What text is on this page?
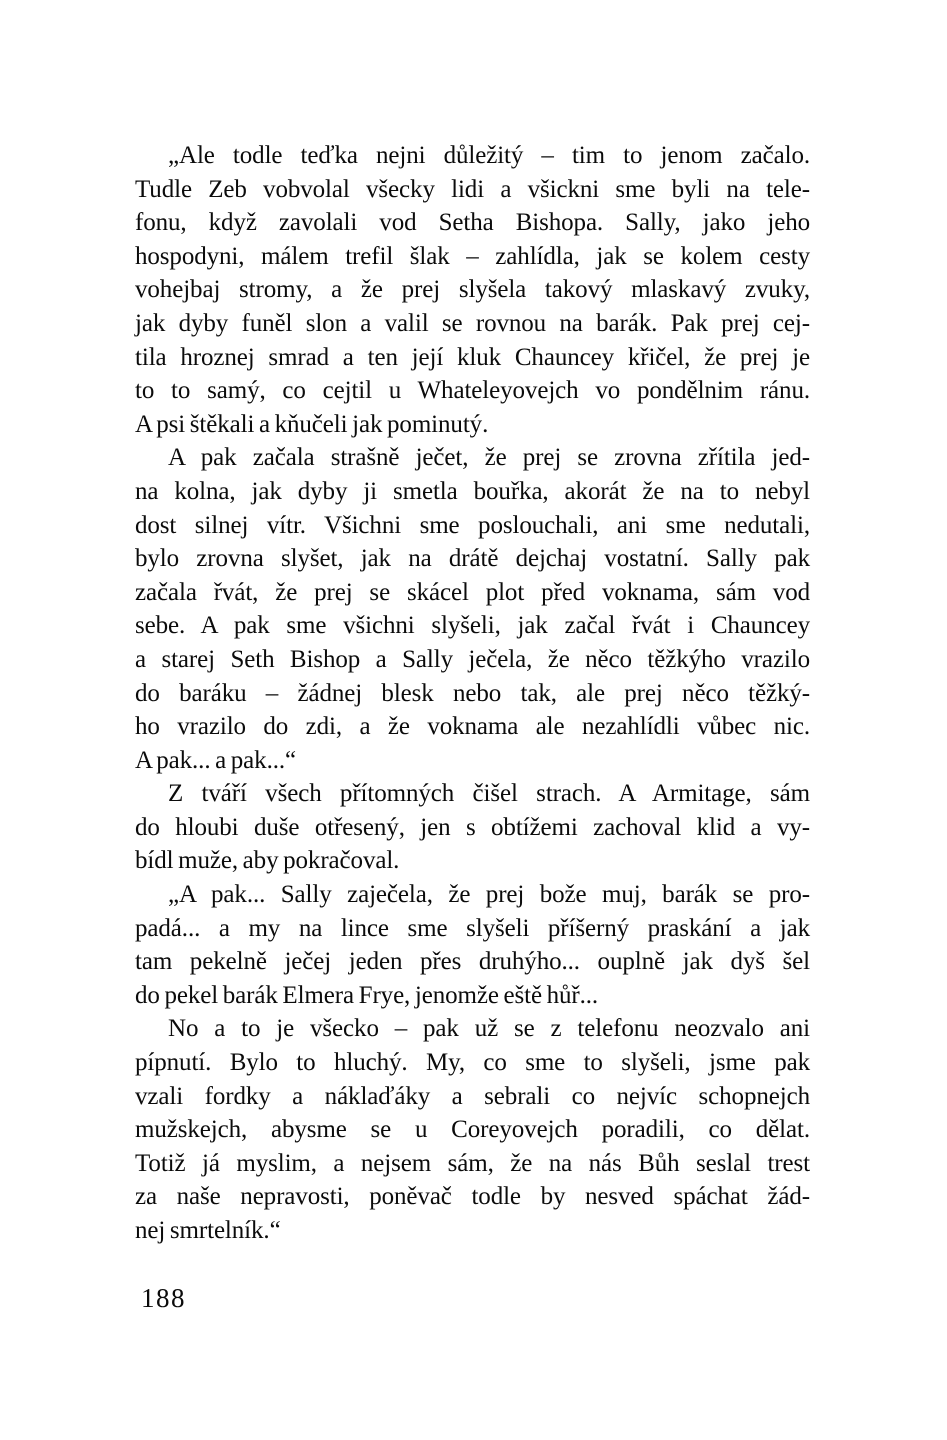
„Ale todle teďka nejni důležitý – tim to jenom začalo.
Tudle Zeb vobvolal všecky lidi a všickni sme byli na tele-
fonu, když zavolali vod Setha Bishopa. Sally, jako jeho
hospodyni, málem trefil šlak – zahlídla, jak se kolem cesty
vohejbaj stromy, a že prej slyšela takový mlaskavý zvuky,
jak dyby funěl slon a valil se rovnou na barák. Pak prej cej-
tila hroznej smrad a ten její kluk Chauncey křičel, že prej je
to to samý, co cejtil u Whateleyovejch vo pondělnim ránu.
A psi štěkali a kňučeli jak pominutý.
A pak začala strašně ječet, že prej se zrovna zřítila jed-
na kolna, jak dyby ji smetla bouřka, akorát že na to nebyl
dost silnej vítr. Všichni sme poslouchali, ani sme nedutali,
bylo zrovna slyšet, jak na drátě dejchaj vostatní. Sally pak
začala řvát, že prej se skácel plot před voknama, sám vod
sebe. A pak sme všichni slyšeli, jak začal řvát i Chauncey
a starej Seth Bishop a Sally ječela, že něco těžkýho vrazilo
do baráku – žádnej blesk nebo tak, ale prej něco těžký-
ho vrazilo do zdi, a že voknama ale nezahlídli vůbec nic.
A pak... a pak...“
Z tváří všech přítomných čišel strach. A Armitage, sám
do hloubi duše otřesený, jen s obtížemi zachoval klid a vy-
bídl muže, aby pokračoval.
„A pak... Sally zaječela, že prej bože muj, barák se pro-
padá... a my na lince sme slyšeli příšerný praskání a jak
tam pekelně ječej jeden přes druhýho... ouplně jak dyš šel
do pekel barák Elmera Frye, jenomže eště hůř...
No a to je všecko – pak už se z telefonu neozvalo ani
pípnutí. Bylo to hluchý. My, co sme to slyšeli, jsme pak
vzali fordky a náklaďáky a sebrali co nejvíc schopnejch
mužskejch, abysme se u Coreyovejch poradili, co dělat.
Totiž já myslim, a nejsem sám, že na nás Bůh seslal trest
za naše nepravosti, poněvač todle by nesved spáchat žád-
nej smrtelník.“
188
